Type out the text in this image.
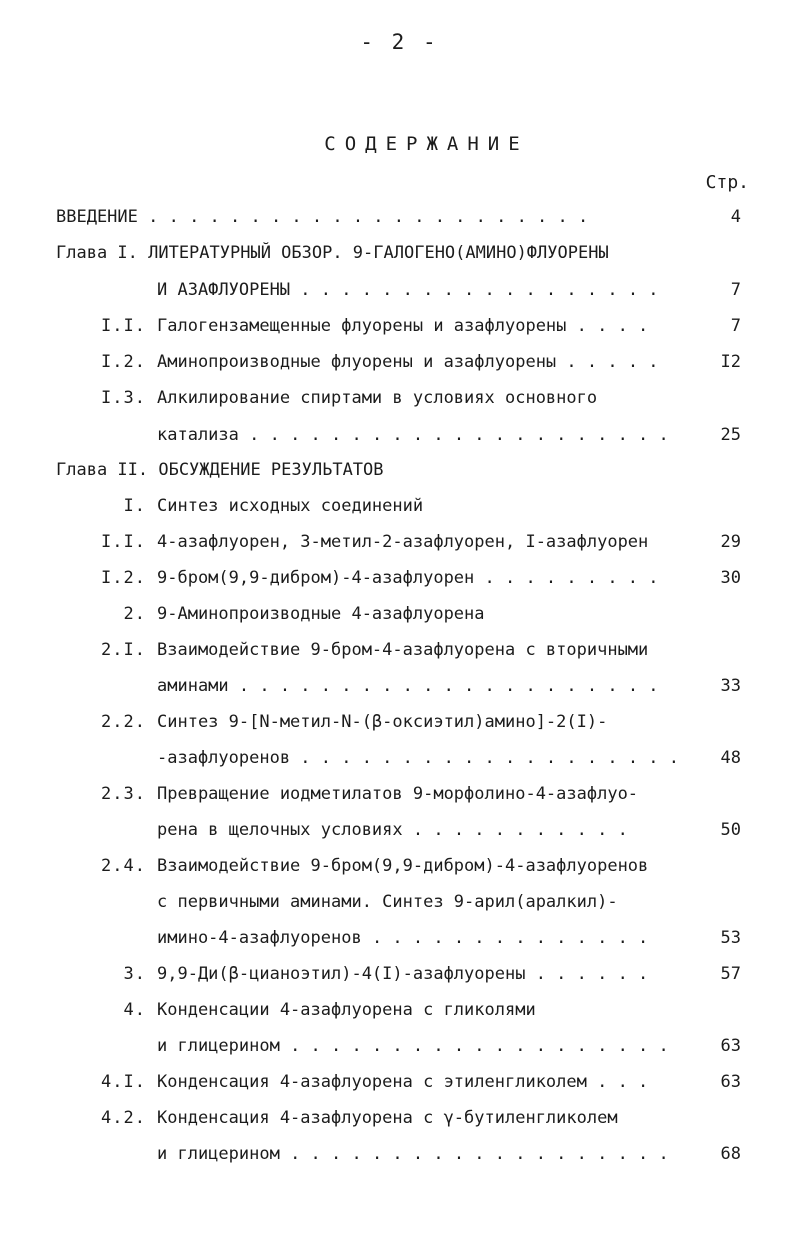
- 2 -
СОДЕРЖАНИЕ
Стр.
ВВЕДЕНИЕ . . . . . . . . . . . . . . . . . . . . . .	4
Глава I. ЛИТЕРАТУРНЫЙ ОБЗОР. 9-ГАЛОГЕНО(АМИНО)ФЛУОРЕНЫ
И АЗАФЛУОРЕНЫ . . . . . . . . . . . . . . . . . .	7
I.I. Галогензамещенные флуорены и азафлуорены . . . .	7
I.2. Аминопроизводные флуорены и азафлуорены . . . . .	I2
I.3. Алкилирование спиртами в условиях основного
катализа . . . . . . . . . . . . . . . . . . . . .	25
Глава II. ОБСУЖДЕНИЕ РЕЗУЛЬТАТОВ
I. Синтез исходных соединений
I.I. 4-азафлуорен, 3-метил-2-азафлуорен, I-азафлуорен	29
I.2. 9-бром(9,9-дибром)-4-азафлуорен . . . . . . . . .	30
2. 9-Аминопроизводные 4-азафлуорена
2.I. Взаимодействие 9-бром-4-азафлуорена с вторичными
аминами . . . . . . . . . . . . . . . . . . . . .	33
2.2. Синтез 9-[N-метил-N-(β-оксиэтил)амино]-2(I)-
-азафлуоренов . . . . . . . . . . . . . . . . . . . 48
2.3. Превращение иодметилатов 9-морфолино-4-азафлуо-
рена в щелочных условиях . . . . . . . . . . .	50
2.4. Взаимодействие 9-бром(9,9-дибром)-4-азафлуоренов
с первичными аминами. Синтез 9-арил(аралкил)-
имино-4-азафлуоренов . . . . . . . . . . . . . .	53
3. 9,9-Ди(β-цианоэтил)-4(I)-азафлуорены . . . . . .	57
4. Конденсации 4-азафлуорена с гликолями
и глицерином . . . . . . . . . . . . . . . . . . .	63
4.I. Конденсация 4-азафлуорена с этиленгликолем . . .	63
4.2. Конденсация 4-азафлуорена с γ-бутиленгликолем
и глицерином . . . . . . . . . . . . . . . . . . .	68
